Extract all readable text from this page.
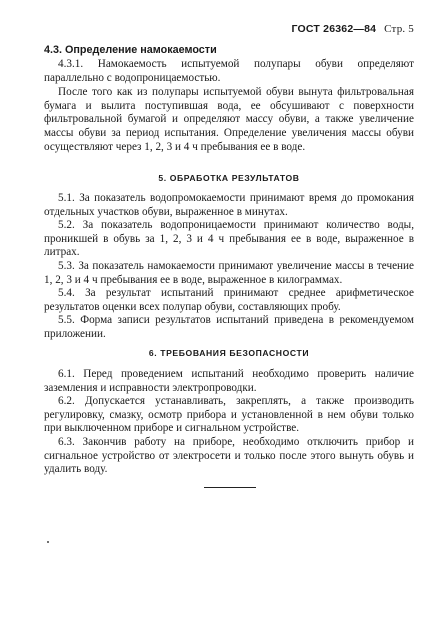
ГОСТ 26362—84 Стр. 5
4.3. Определение намокаемости
4.3.1. Намокаемость испытуемой полупары обуви определяют параллельно с водопроницаемостью.
После того как из полупары испытуемой обуви вынута фильтровальная бумага и вылита поступившая вода, ее обсушивают с поверхности фильтровальной бумагой и определяют массу обуви, а также увеличение массы обуви за период испытания. Определение увеличения массы обуви осуществляют через 1, 2, 3 и 4 ч пребывания ее в воде.
5. ОБРАБОТКА РЕЗУЛЬТАТОВ
5.1. За показатель водопромокаемости принимают время до промокания отдельных участков обуви, выраженное в минутах.
5.2. За показатель водопроницаемости принимают количество воды, проникшей в обувь за 1, 2, 3 и 4 ч пребывания ее в воде, выраженное в литрах.
5.3. За показатель намокаемости принимают увеличение массы в течение 1, 2, 3 и 4 ч пребывания ее в воде, выраженное в килограммах.
5.4. За результат испытаний принимают среднее арифметическое результатов оценки всех полупар обуви, составляющих пробу.
5.5. Форма записи результатов испытаний приведена в рекомендуемом приложении.
6. ТРЕБОВАНИЯ БЕЗОПАСНОСТИ
6.1. Перед проведением испытаний необходимо проверить наличие заземления и исправности электропроводки.
6.2. Допускается устанавливать, закреплять, а также производить регулировку, смазку, осмотр прибора и установленной в нем обуви только при выключенном приборе и сигнальном устройстве.
6.3. Закончив работу на приборе, необходимо отключить прибор и сигнальное устройство от электросети и только после этого вынуть обувь и удалить воду.
